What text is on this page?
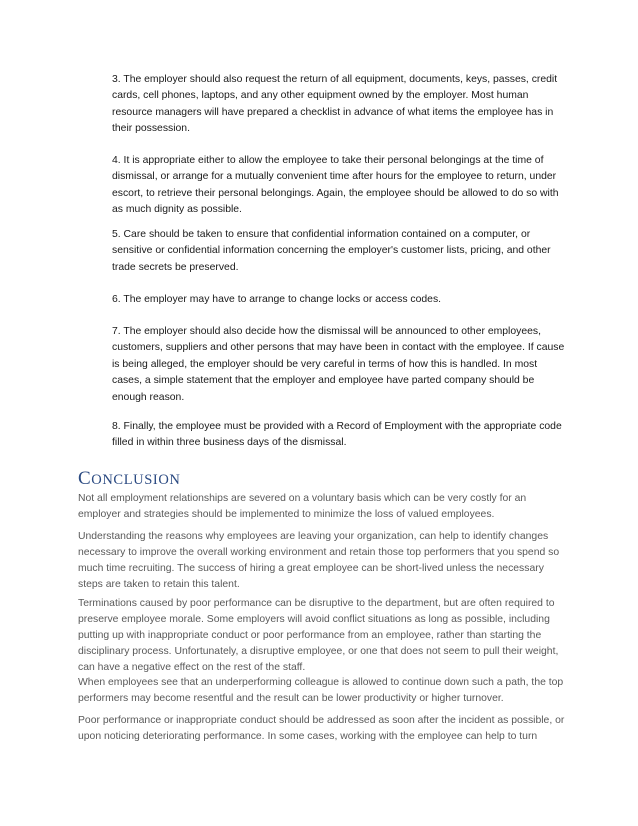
3. The employer should also request the return of all equipment, documents, keys, passes, credit cards, cell phones, laptops, and any other equipment owned by the employer. Most human resource managers will have prepared a checklist in advance of what items the employee has in their possession.
4. It is appropriate either to allow the employee to take their personal belongings at the time of dismissal, or arrange for a mutually convenient time after hours for the employee to return, under escort, to retrieve their personal belongings. Again, the employee should be allowed to do so with as much dignity as possible.
5. Care should be taken to ensure that confidential information contained on a computer, or sensitive or confidential information concerning the employer's customer lists, pricing, and other trade secrets be preserved.
6. The employer may have to arrange to change locks or access codes.
7. The employer should also decide how the dismissal will be announced to other employees, customers, suppliers and other persons that may have been in contact with the employee. If cause is being alleged, the employer should be very careful in terms of how this is handled. In most cases, a simple statement that the employer and employee have parted company should be enough reason.
8. Finally, the employee must be provided with a Record of Employment with the appropriate code filled in within three business days of the dismissal.
CONCLUSION
Not all employment relationships are severed on a voluntary basis which can be very costly for an employer and strategies should be implemented to minimize the loss of valued employees.
Understanding the reasons why employees are leaving your organization, can help to identify changes necessary to improve the overall working environment and retain those top performers that you spend so much time recruiting. The success of hiring a great employee can be short-lived unless the necessary steps are taken to retain this talent.
Terminations caused by poor performance can be disruptive to the department, but are often required to preserve employee morale. Some employers will avoid conflict situations as long as possible, including putting up with inappropriate conduct or poor performance from an employee, rather than starting the disciplinary process. Unfortunately, a disruptive employee, or one that does not seem to pull their weight, can have a negative effect on the rest of the staff.
When employees see that an underperforming colleague is allowed to continue down such a path, the top performers may become resentful and the result can be lower productivity or higher turnover.
Poor performance or inappropriate conduct should be addressed as soon after the incident as possible, or upon noticing deteriorating performance. In some cases, working with the employee can help to turn
